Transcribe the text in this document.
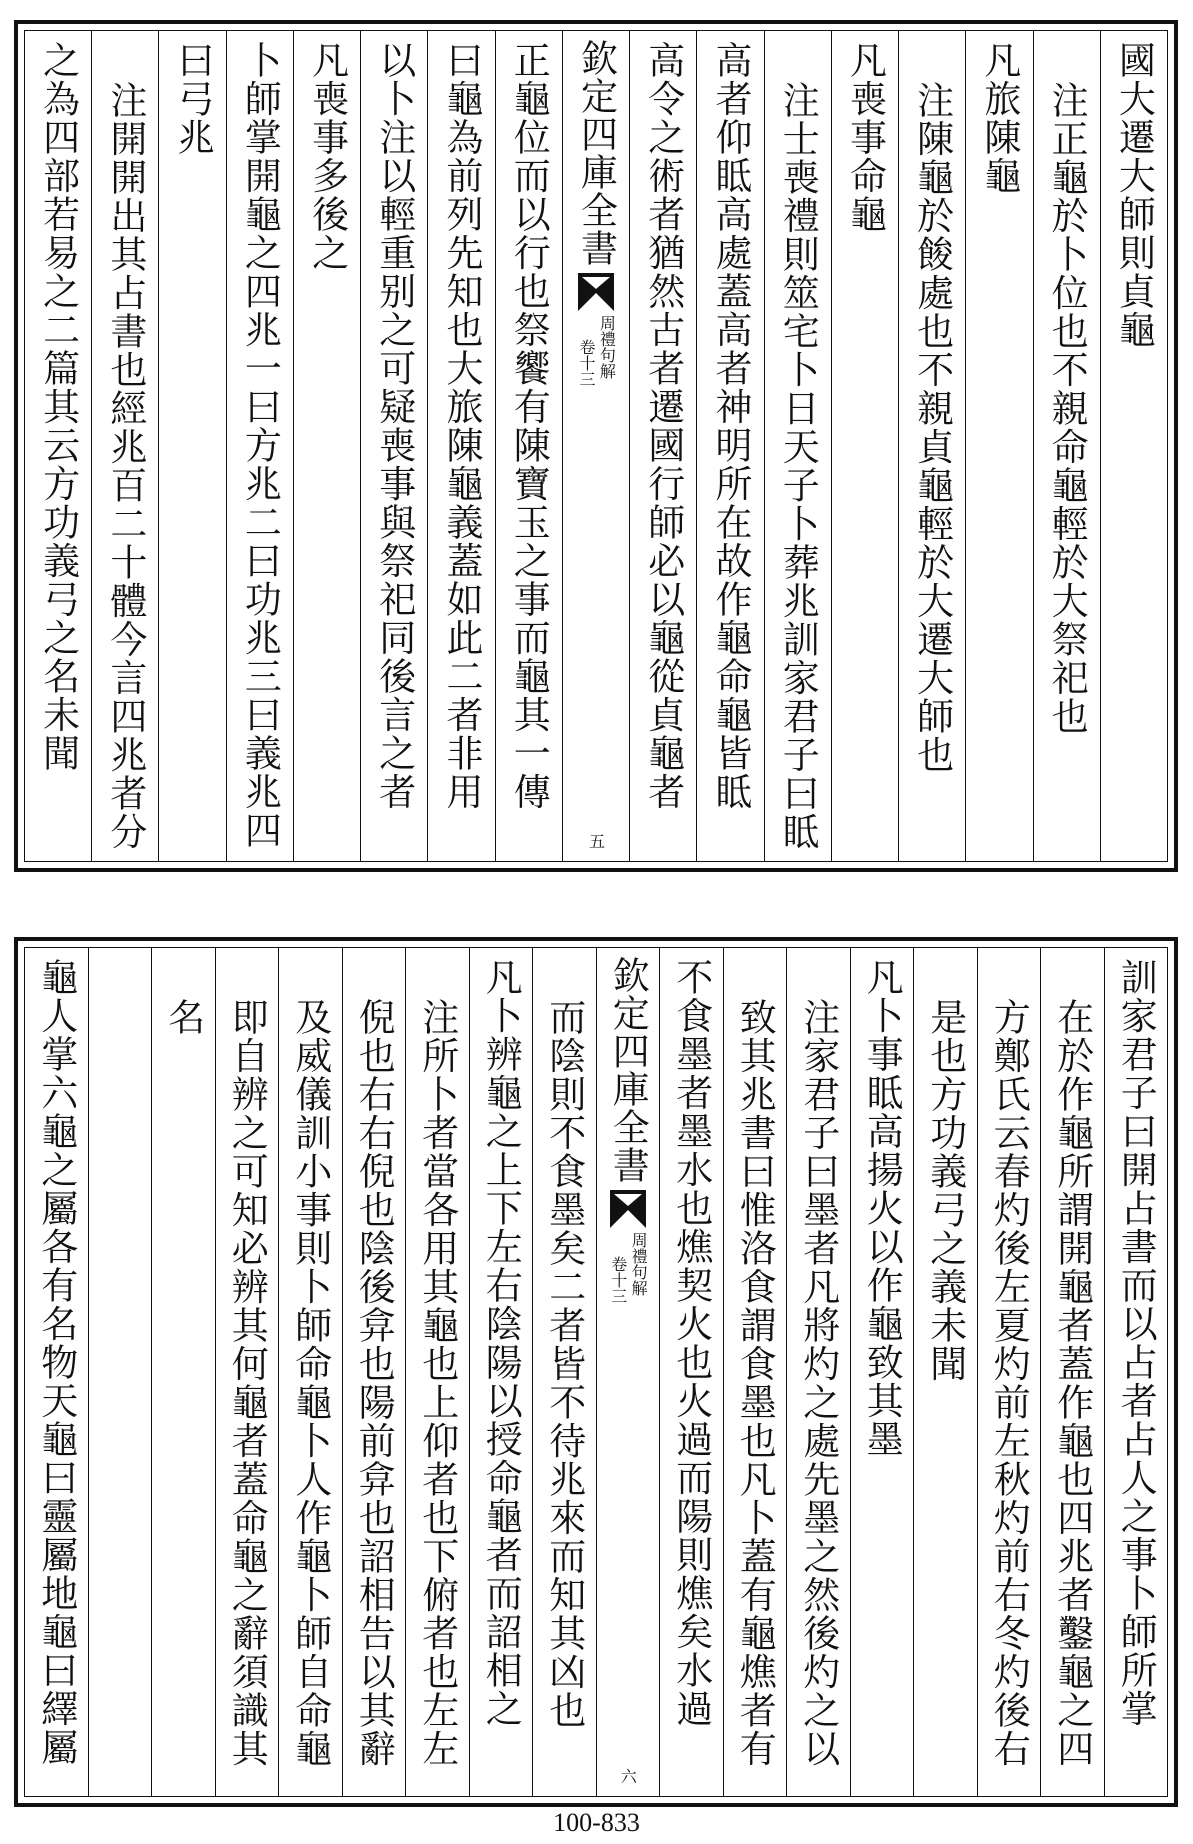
國大遷大師則貞龜
注正龜於卜位也不親命龜輕於大祭祀也
凡旅陳龜
注陳龜於餕處也不親貞龜輕於大遷大師也
凡喪事命龜
注士喪禮則筮宅卜日天子卜葬兆訓家君子曰眡
高者仰眡高處蓋高者神明所在故作龜命龜皆眡
高令之術者猶然古者遷國行師必以龜從貞龜者
欽定四庫全書
周禮句解
卷十三
五
正龜位而以行也祭饗有陳寶玉之事而龜其一傳
曰龜為前列先知也大旅陳龜義蓋如此二者非用
以卜注以輕重别之可疑喪事與祭祀同後言之者
凡喪事多後之
卜師掌開龜之四兆一曰方兆二曰功兆三曰義兆四
曰弓兆
注開開出其占書也經兆百二十體今言四兆者分
之為四部若易之二篇其云方功義弓之名未聞
訓家君子曰開占書而以占者占人之事卜師所掌
在於作龜所謂開龜者蓋作龜也四兆者鑿龜之四
方鄭氏云春灼後左夏灼前左秋灼前右冬灼後右
是也方功義弓之義未聞
凡卜事眡高揚火以作龜致其墨
注家君子曰墨者凡將灼之處先墨之然後灼之以
致其兆書曰惟洛食謂食墨也凡卜蓋有龜燋者有
不食墨者墨水也燋契火也火過而陽則燋矣水過
欽定四庫全書
周禮句解
卷十三
六
而陰則不食墨矣二者皆不待兆來而知其凶也
凡卜辨龜之上下左右陰陽以授命龜者而詔相之
注所卜者當各用其龜也上仰者也下俯者也左左
倪也右右倪也陰後弇也陽前弇也詔相告以其辭
及威儀訓小事則卜師命龜卜人作龜卜師自命龜
即自辨之可知必辨其何龜者蓋命龜之辭須識其
名
龜人掌六龜之屬各有名物天龜曰靈屬地龜曰繹屬
100-833
